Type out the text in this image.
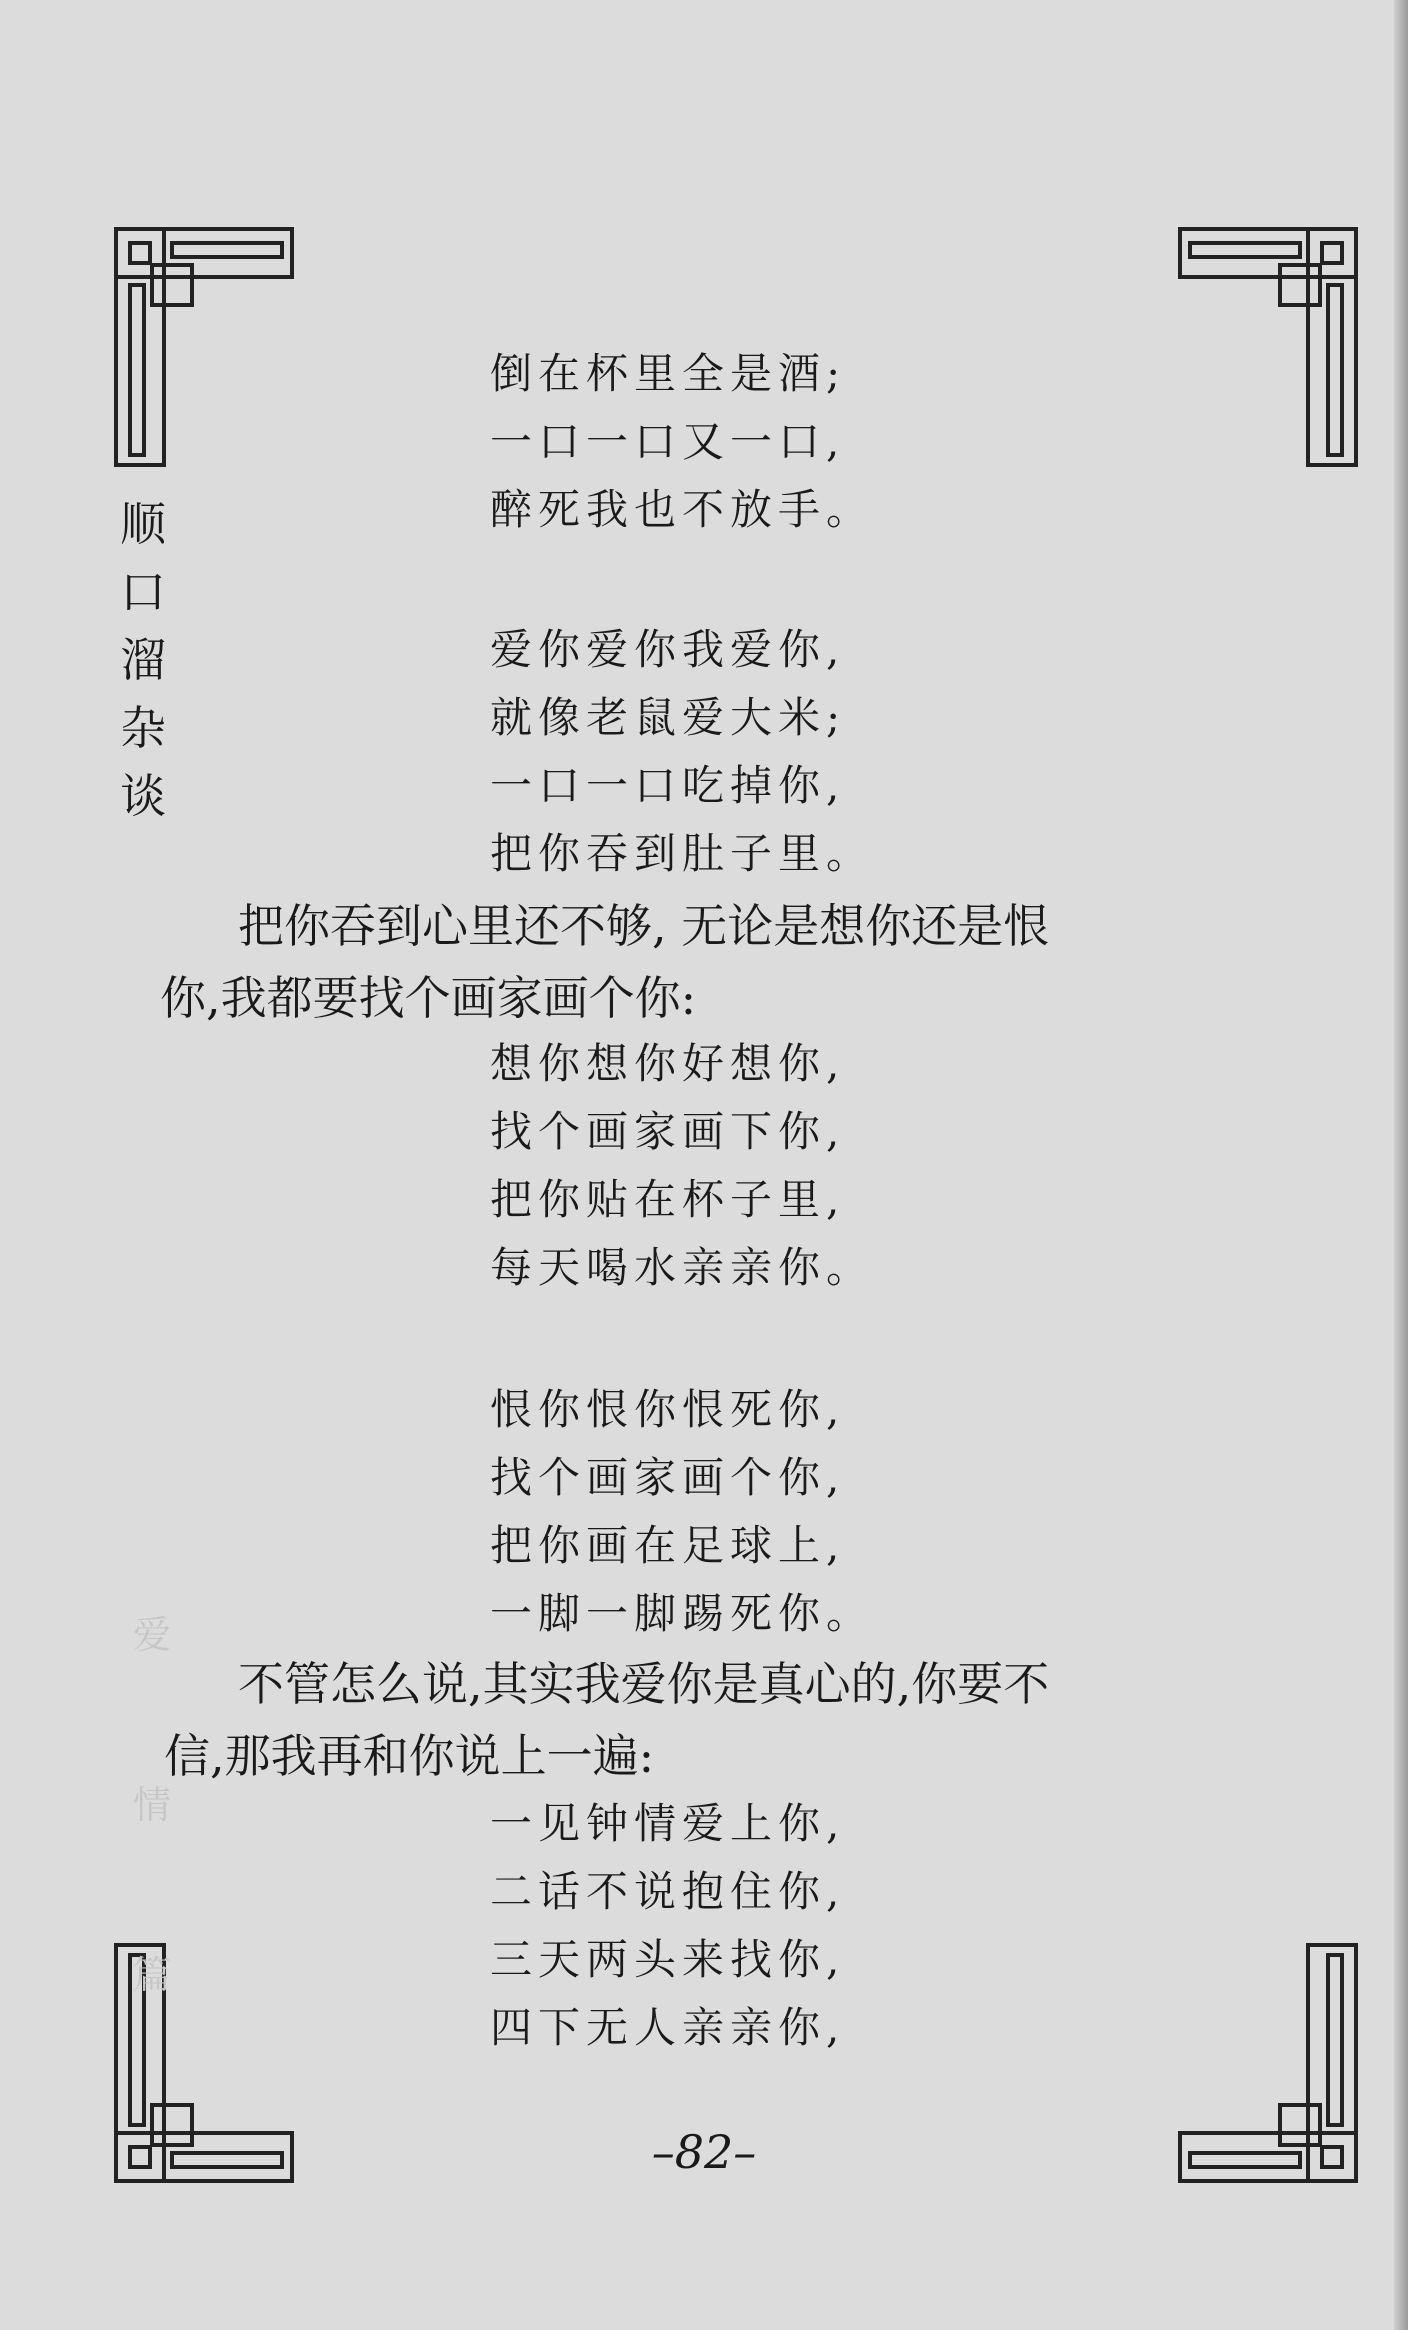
顺
口
溜
杂
谈
爱
情
篇
倒在杯里全是酒;
一口一口又一口,
醉死我也不放手。
爱你爱你我爱你,
就像老鼠爱大米;
一口一口吃掉你,
把你吞到肚子里。
把你吞到心里还不够, 无论是想你还是恨
你,我都要找个画家画个你:
想你想你好想你,
找个画家画下你,
把你贴在杯子里,
每天喝水亲亲你。
恨你恨你恨死你,
找个画家画个你,
把你画在足球上,
一脚一脚踢死你。
不管怎么说,其实我爱你是真心的,你要不
信,那我再和你说上一遍:
一见钟情爱上你,
二话不说抱住你,
三天两头来找你,
四下无人亲亲你,
–82–
